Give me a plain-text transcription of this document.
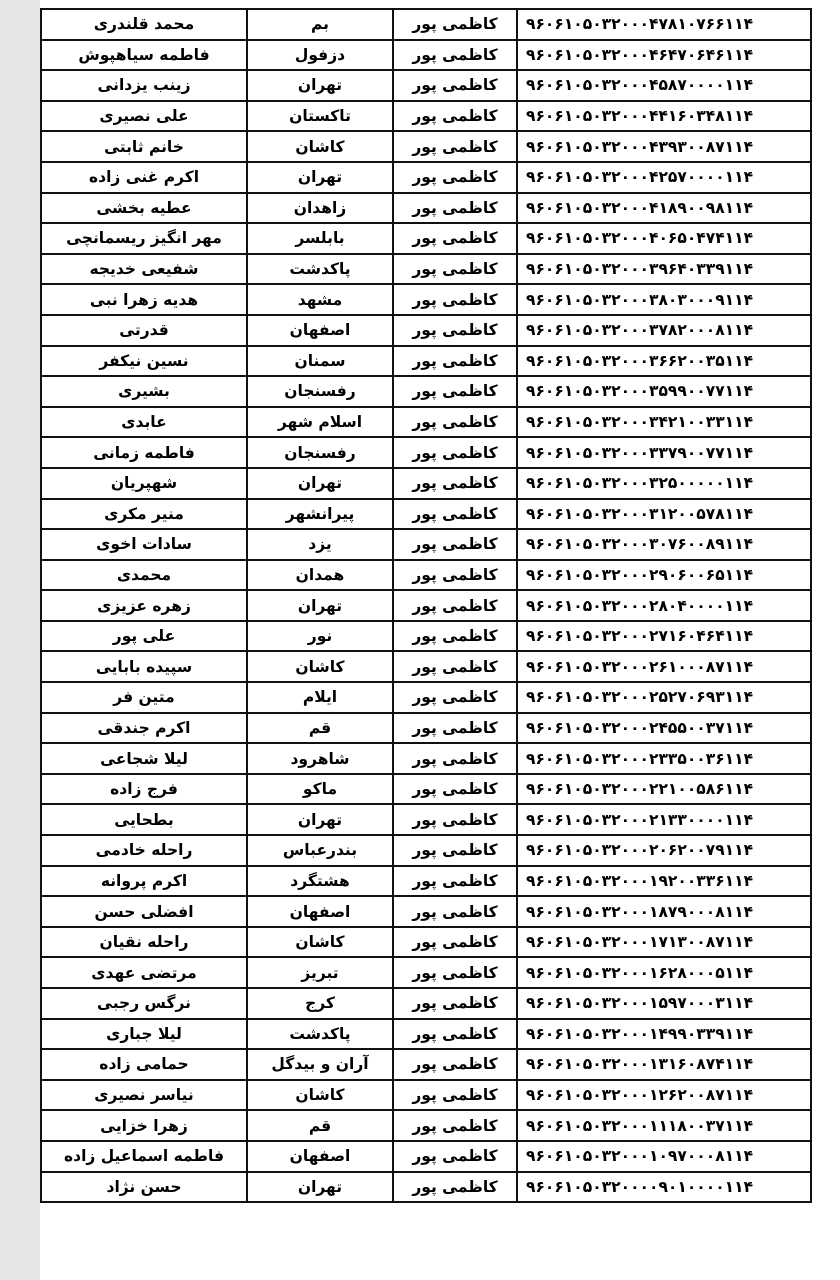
محمد قلندری	بم	کاظمی پور	۹۶۰۶۱۰۵۰۳۲۰۰۰۴۷۸۱۰۷۶۶۱۱۴
فاطمه سیاهپوش	دزفول	کاظمی پور	۹۶۰۶۱۰۵۰۳۲۰۰۰۴۶۴۷۰۶۴۶۱۱۴
زینب یزدانی	تهران	کاظمی پور	۹۶۰۶۱۰۵۰۳۲۰۰۰۴۵۸۷۰۰۰۰۱۱۴
علی نصیری	تاکستان	کاظمی پور	۹۶۰۶۱۰۵۰۳۲۰۰۰۴۴۱۶۰۳۴۸۱۱۴
خانم ثابتی	کاشان	کاظمی پور	۹۶۰۶۱۰۵۰۳۲۰۰۰۴۳۹۳۰۰۸۷۱۱۴
اکرم غنی زاده	تهران	کاظمی پور	۹۶۰۶۱۰۵۰۳۲۰۰۰۴۲۵۷۰۰۰۰۱۱۴
عطیه بخشی	زاهدان	کاظمی پور	۹۶۰۶۱۰۵۰۳۲۰۰۰۴۱۸۹۰۰۹۸۱۱۴
مهر انگیز ریسمانچی	بابلسر	کاظمی پور	۹۶۰۶۱۰۵۰۳۲۰۰۰۴۰۶۵۰۴۷۴۱۱۴
شفیعی خدیجه	پاکدشت	کاظمی پور	۹۶۰۶۱۰۵۰۳۲۰۰۰۳۹۶۴۰۳۳۹۱۱۴
هدیه زهرا نبی	مشهد	کاظمی پور	۹۶۰۶۱۰۵۰۳۲۰۰۰۳۸۰۳۰۰۰۹۱۱۴
قدرتی	اصفهان	کاظمی پور	۹۶۰۶۱۰۵۰۳۲۰۰۰۳۷۸۲۰۰۰۸۱۱۴
نسین نیکفر	سمنان	کاظمی پور	۹۶۰۶۱۰۵۰۳۲۰۰۰۳۶۶۲۰۰۳۵۱۱۴
بشیری	رفسنجان	کاظمی پور	۹۶۰۶۱۰۵۰۳۲۰۰۰۳۵۹۹۰۰۷۷۱۱۴
عابدی	اسلام شهر	کاظمی پور	۹۶۰۶۱۰۵۰۳۲۰۰۰۳۴۲۱۰۰۳۳۱۱۴
فاطمه زمانی	رفسنجان	کاظمی پور	۹۶۰۶۱۰۵۰۳۲۰۰۰۳۳۷۹۰۰۷۷۱۱۴
شهپریان	تهران	کاظمی پور	۹۶۰۶۱۰۵۰۳۲۰۰۰۳۲۵۰۰۰۰۰۱۱۴
منیر مکری	پیرانشهر	کاظمی پور	۹۶۰۶۱۰۵۰۳۲۰۰۰۳۱۲۰۰۵۷۸۱۱۴
سادات اخوی	یزد	کاظمی پور	۹۶۰۶۱۰۵۰۳۲۰۰۰۳۰۷۶۰۰۸۹۱۱۴
محمدی	همدان	کاظمی پور	۹۶۰۶۱۰۵۰۳۲۰۰۰۲۹۰۶۰۰۶۵۱۱۴
زهره عزیزی	تهران	کاظمی پور	۹۶۰۶۱۰۵۰۳۲۰۰۰۲۸۰۴۰۰۰۰۱۱۴
علی پور	نور	کاظمی پور	۹۶۰۶۱۰۵۰۳۲۰۰۰۲۷۱۶۰۴۶۴۱۱۴
سپیده بابایی	کاشان	کاظمی پور	۹۶۰۶۱۰۵۰۳۲۰۰۰۲۶۱۰۰۰۸۷۱۱۴
متین فر	ایلام	کاظمی پور	۹۶۰۶۱۰۵۰۳۲۰۰۰۲۵۲۷۰۶۹۳۱۱۴
اکرم جندقی	قم	کاظمی پور	۹۶۰۶۱۰۵۰۳۲۰۰۰۲۴۵۵۰۰۳۷۱۱۴
لیلا شجاعی	شاهرود	کاظمی پور	۹۶۰۶۱۰۵۰۳۲۰۰۰۲۳۳۵۰۰۳۶۱۱۴
فرج زاده	ماکو	کاظمی پور	۹۶۰۶۱۰۵۰۳۲۰۰۰۲۲۱۰۰۵۸۶۱۱۴
بطحایی	تهران	کاظمی پور	۹۶۰۶۱۰۵۰۳۲۰۰۰۲۱۳۳۰۰۰۰۱۱۴
راحله خادمی	بندرعباس	کاظمی پور	۹۶۰۶۱۰۵۰۳۲۰۰۰۲۰۶۲۰۰۷۹۱۱۴
اکرم پروانه	هشتگرد	کاظمی پور	۹۶۰۶۱۰۵۰۳۲۰۰۰۱۹۲۰۰۳۳۶۱۱۴
افضلی حسن	اصفهان	کاظمی پور	۹۶۰۶۱۰۵۰۳۲۰۰۰۱۸۷۹۰۰۰۸۱۱۴
راحله نقیان	کاشان	کاظمی پور	۹۶۰۶۱۰۵۰۳۲۰۰۰۱۷۱۳۰۰۸۷۱۱۴
مرتضی عهدی	تبریز	کاظمی پور	۹۶۰۶۱۰۵۰۳۲۰۰۰۱۶۲۸۰۰۰۵۱۱۴
نرگس رجبی	کرج	کاظمی پور	۹۶۰۶۱۰۵۰۳۲۰۰۰۱۵۹۷۰۰۰۳۱۱۴
لیلا جباری	پاکدشت	کاظمی پور	۹۶۰۶۱۰۵۰۳۲۰۰۰۱۴۹۹۰۳۳۹۱۱۴
حمامی زاده	آران و بیدگل	کاظمی پور	۹۶۰۶۱۰۵۰۳۲۰۰۰۱۳۱۶۰۸۷۴۱۱۴
نیاسر نصیری	کاشان	کاظمی پور	۹۶۰۶۱۰۵۰۳۲۰۰۰۱۲۶۲۰۰۸۷۱۱۴
زهرا خزایی	قم	کاظمی پور	۹۶۰۶۱۰۵۰۳۲۰۰۰۱۱۱۸۰۰۳۷۱۱۴
فاطمه اسماعیل زاده	اصفهان	کاظمی پور	۹۶۰۶۱۰۵۰۳۲۰۰۰۱۰۹۷۰۰۰۸۱۱۴
حسن نژاد	تهران	کاظمی پور	۹۶۰۶۱۰۵۰۳۲۰۰۰۰۹۰۱۰۰۰۰۱۱۴
